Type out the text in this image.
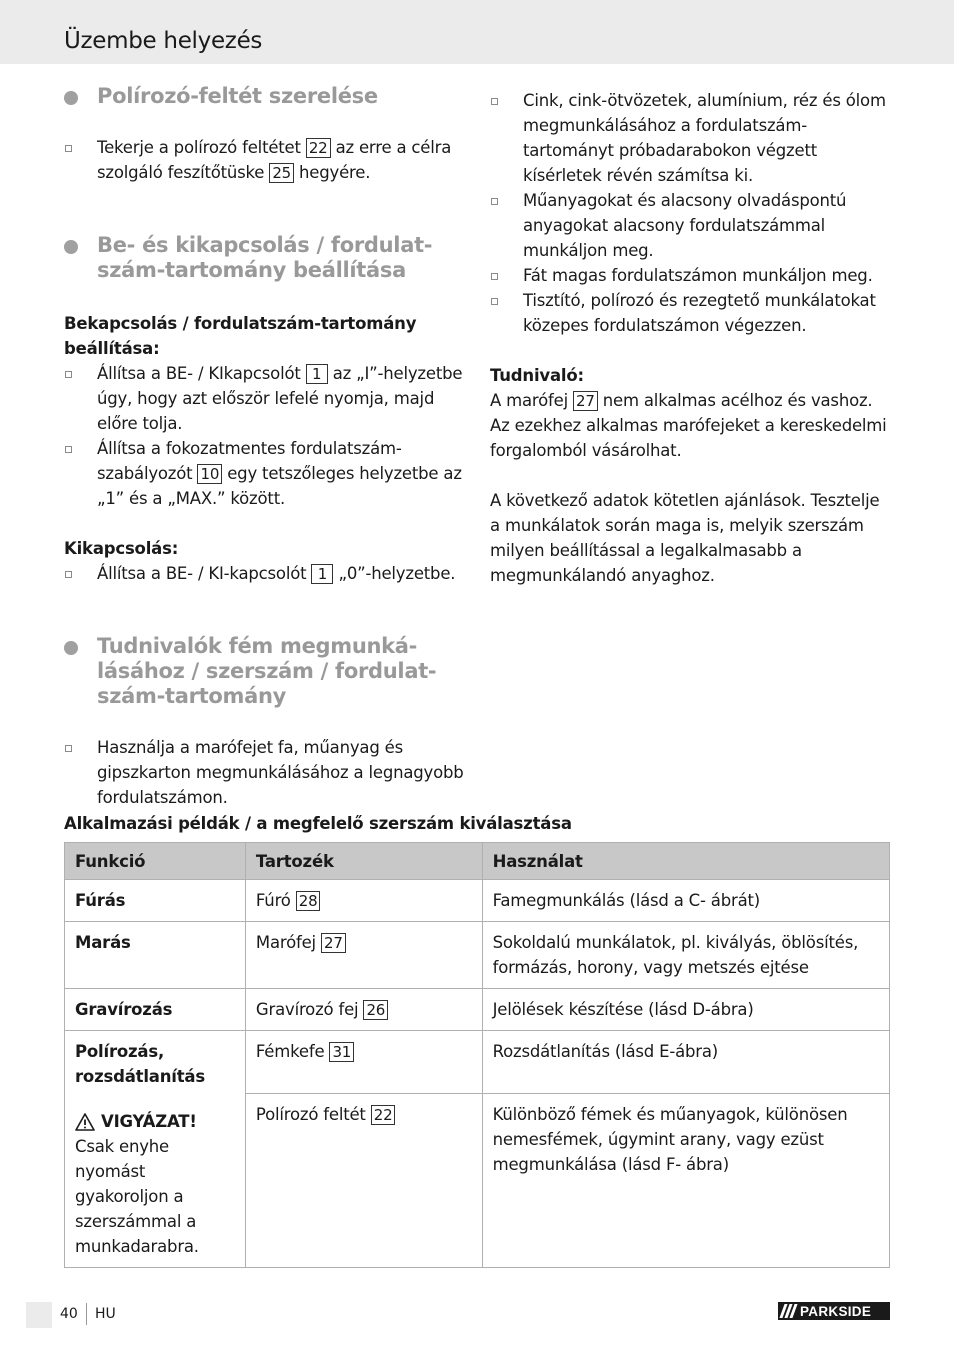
Üzembe helyezés
Polírozó-feltét szerelése
Tekerje a polírozó feltétet 22 az erre a célra szolgáló feszítőtüske 25 hegyére.
Be- és kikapcsolás / fordulat-
szám-tartomány beállítása
Bekapcsolás / fordulatszám-tartomány beállítása:
Állítsa a BE- / KIkapcsolót 1 az „I”-helyzetbe úgy, hogy azt először lefelé nyomja, majd előre tolja.
Állítsa a fokozatmentes fordulatszám-szabályozót 10 egy tetszőleges helyzetbe az „1” és a „MAX.” között.
Kikapcsolás:
Állítsa a BE- / KI-kapcsolót 1 „0”-helyzetbe.
Tudnivalók fém megmunká-
lásához / szerszám / fordulat-
szám-tartomány
Használja a marófejet fa, műanyag és gipszkarton megmunkálásához a legnagyobb fordulatszámon.
Cink, cink-ötvözetek, alumínium, réz és ólom megmunkálásához a fordulatszám-tartományt próbadarabokon végzett kísérletek révén számítsa ki.
Műanyagokat és alacsony olvadáspontú anyagokat alacsony fordulatszámmal munkáljon meg.
Fát magas fordulatszámon munkáljon meg.
Tisztító, polírozó és rezegtető munkálatokat közepes fordulatszámon végezzen.
Tudnivaló:
A marófej 27 nem alkalmas acélhoz és vashoz. Az ezekhez alkalmas marófejeket a kereskedelmi forgalomból vásárolhat.
A következő adatok kötetlen ajánlások. Tesztelje a munkálatok során maga is, melyik szerszám milyen beállítással a legalkalmasabb a megmunkálandó anyaghoz.
Alkalmazási példák / a megfelelő szerszám kiválasztása
Funkció	Tartozék	Használat
Fúrás	Fúró 28	Famegmunkálás (lásd a C- ábrát)
Marás	Marófej 27	Sokoldalú munkálatok, pl. kivályás, öblösítés, formázás, horony, vagy metszés ejtése
Gravírozás	Gravírozó fej 26	Jelölések készítése (lásd D-ábra)

Polírozás, rozsdátlanítás
VIGYÁZAT!
Csak enyhe nyomást gyakoroljon a szerszámmal a munkadarabra.	Fémkefe 31	Rozsdátlanítás (lásd E-ábra)
	Polírozó feltét 22	Különböző fémek és műanyagok, különösen nemesfémek, úgymint arany, vagy ezüst megmunkálása (lásd F- ábra)
40 HU	PARKSIDE
